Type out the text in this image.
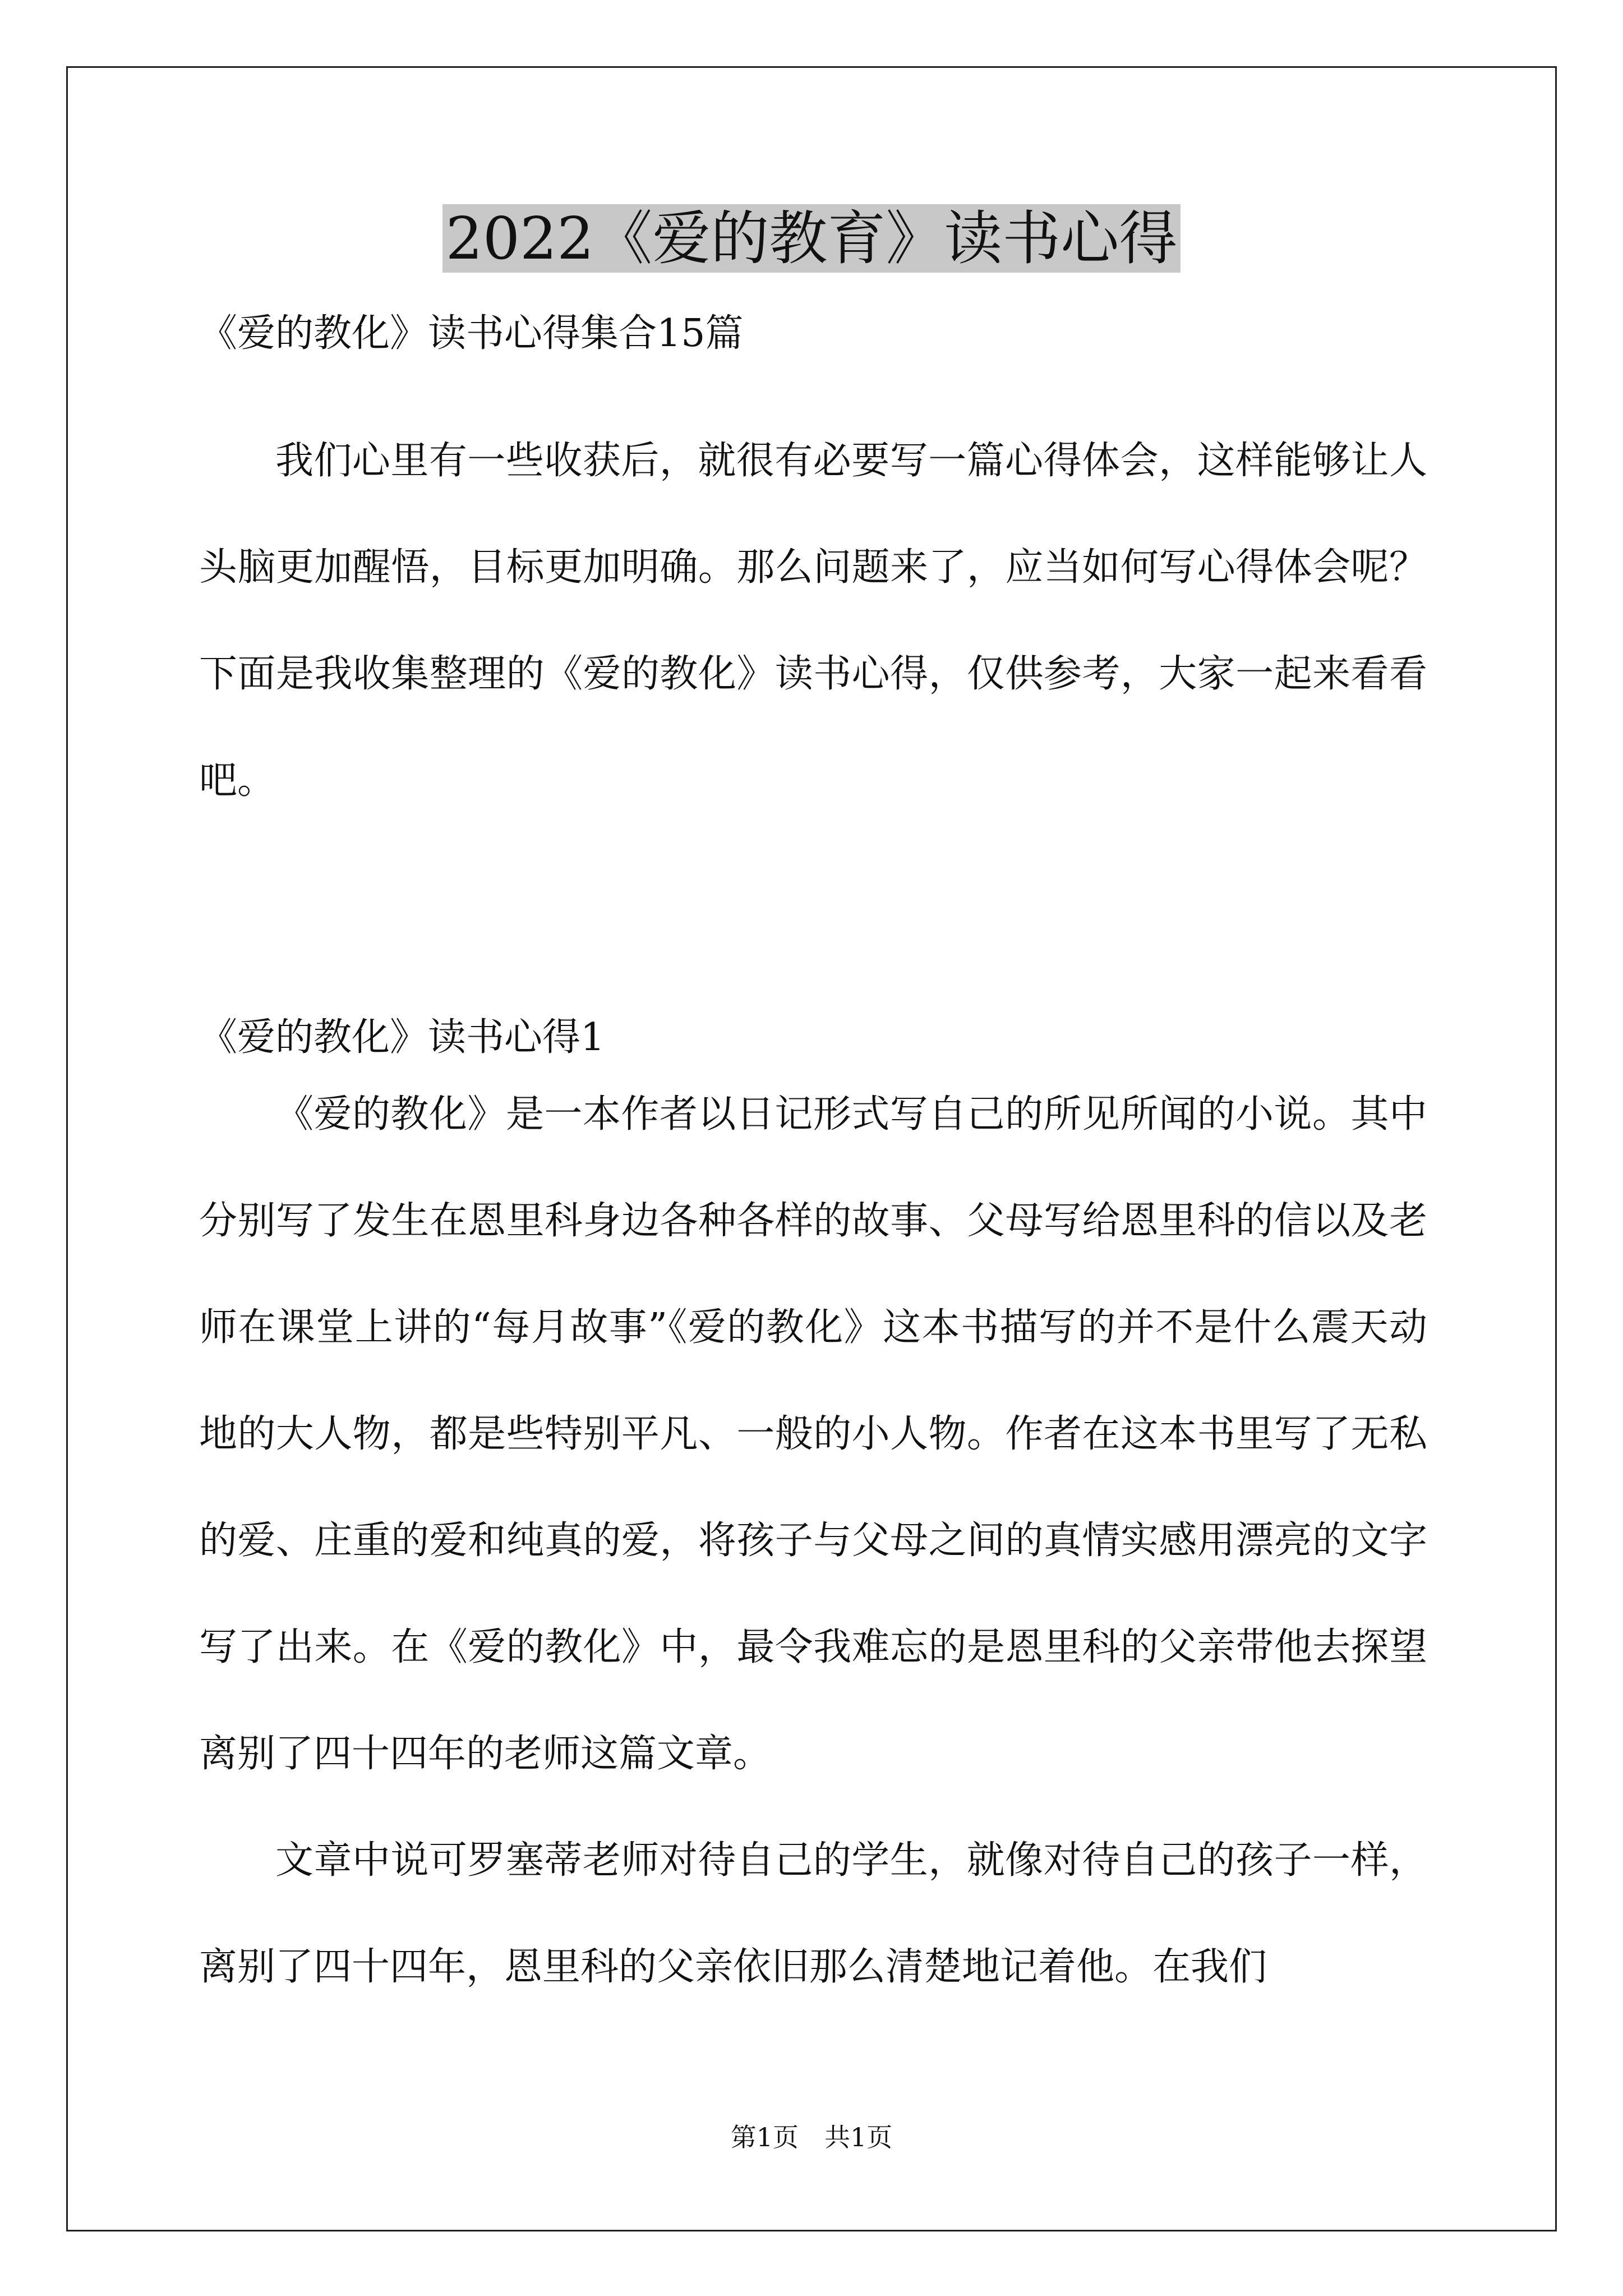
2022《爱的教育》读书心得
《爱的教化》读书心得集合15篇

我们心里有一些收获后，就很有必要写一篇心得体会，这样能够让人头脑更加醒悟，目标更加明确。那么问题来了，应当如何写心得体会呢？下面是我收集整理的《爱的教化》读书心得，仅供参考，大家一起来看看吧。

《爱的教化》读书心得1

《爱的教化》是一本作者以日记形式写自己的所见所闻的小说。其中分别写了发生在恩里科身边各种各样的故事、父母写给恩里科的信以及老师在课堂上讲的“每月故事”《爱的教化》这本书描写的并不是什么震天动地的大人物，都是些特别平凡、一般的小人物。作者在这本书里写了无私的爱、庄重的爱和纯真的爱，将孩子与父母之间的真情实感用漂亮的文字写了出来。在《爱的教化》中，最令我难忘的是恩里科的父亲带他去探望离别了四十四年的老师这篇文章。

文章中说可罗塞蒂老师对待自己的学生，就像对待自己的孩子一样，离别了四十四年，恩里科的父亲依旧那么清楚地记着他。在我们

第1页　共1页
